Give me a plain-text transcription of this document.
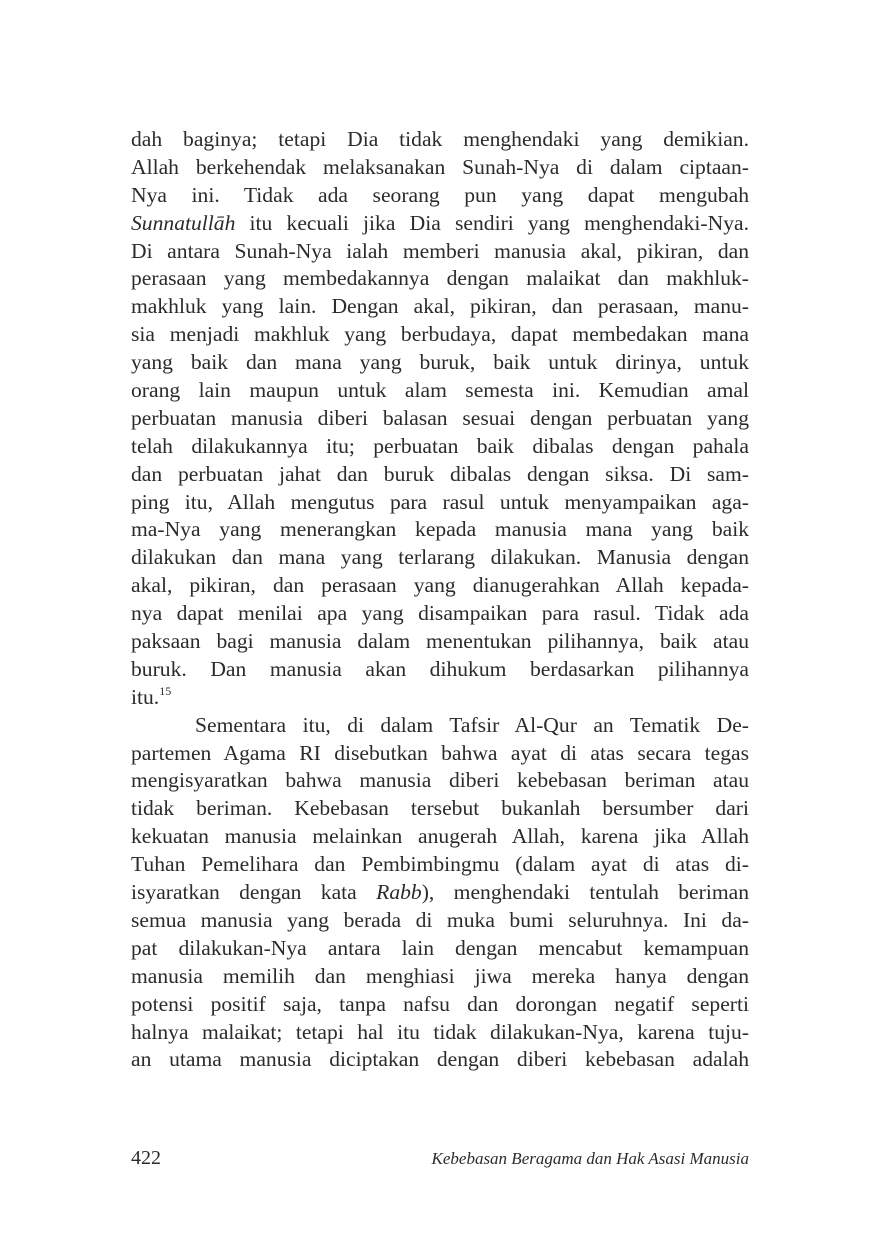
dah baginya; tetapi Dia tidak menghendaki yang demikian.
Allah berkehendak melaksanakan Sunah-Nya di dalam ciptaan-
Nya ini. Tidak ada seorang pun yang dapat mengubah
Sunnatullāh itu kecuali jika Dia sendiri yang menghendaki-Nya.
Di antara Sunah-Nya ialah memberi manusia akal, pikiran, dan
perasaan yang membedakannya dengan malaikat dan makhluk-
makhluk yang lain. Dengan akal, pikiran, dan perasaan, manu-
sia menjadi makhluk yang berbudaya, dapat membedakan mana
yang baik dan mana yang buruk, baik untuk dirinya, untuk
orang lain maupun untuk alam semesta ini. Kemudian amal
perbuatan manusia diberi balasan sesuai dengan perbuatan yang
telah dilakukannya itu; perbuatan baik dibalas dengan pahala
dan perbuatan jahat dan buruk dibalas dengan siksa. Di sam-
ping itu, Allah mengutus para rasul untuk menyampaikan aga-
ma-Nya yang menerangkan kepada manusia mana yang baik
dilakukan dan mana yang terlarang dilakukan. Manusia dengan
akal, pikiran, dan perasaan yang dianugerahkan Allah kepada-
nya dapat menilai apa yang disampaikan para rasul. Tidak ada
paksaan bagi manusia dalam menentukan pilihannya, baik atau
buruk. Dan manusia akan dihukum berdasarkan pilihannya
itu.$^{15}$
Sementara itu, di dalam Tafsir Al-Qur an Tematik De-
partemen Agama RI disebutkan bahwa ayat di atas secara tegas
mengisyaratkan bahwa manusia diberi kebebasan beriman atau
tidak beriman. Kebebasan tersebut bukanlah bersumber dari
kekuatan manusia melainkan anugerah Allah, karena jika Allah
Tuhan Pemelihara dan Pembimbingmu (dalam ayat di atas di-
isyaratkan dengan kata Rabb), menghendaki tentulah beriman
semua manusia yang berada di muka bumi seluruhnya. Ini da-
pat dilakukan-Nya antara lain dengan mencabut kemampuan
manusia memilih dan menghiasi jiwa mereka hanya dengan
potensi positif saja, tanpa nafsu dan dorongan negatif seperti
halnya malaikat; tetapi hal itu tidak dilakukan-Nya, karena tuju-
an utama manusia diciptakan dengan diberi kebebasan adalah
422	Kebebasan Beragama dan Hak Asasi Manusia
